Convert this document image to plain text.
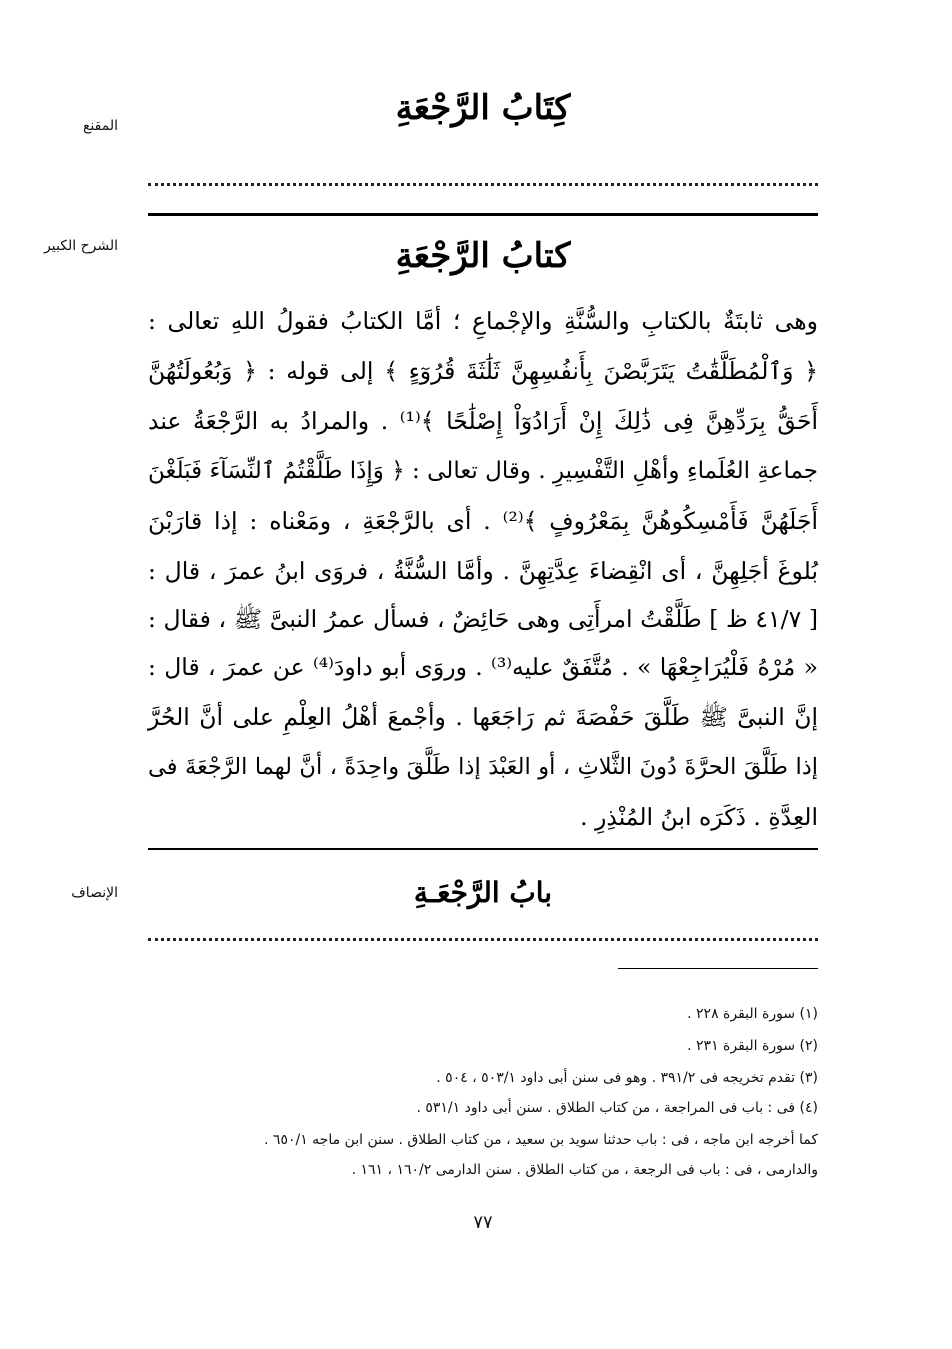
المقنع
الشرح الكبير
الإنصاف
كِتَابُ الرَّجْعَةِ
كتابُ الرَّجْعَةِ
وهى ثابتَةٌ بالكتابِ والسُّنَّةِ والإجْماعِ ؛ أمَّا الكتابُ فقولُ اللهِ تعالى :
﴿ وَٱلْمُطَلَّقَٰتُ يَتَرَبَّصْنَ بِأَنفُسِهِنَّ ثَلَٰثَةَ قُرُوٓءٍ ﴾ إلى قوله : ﴿ وَبُعُولَتُهُنَّ
أَحَقُّ بِرَدِّهِنَّ فِى ذَٰلِكَ إِنْ أَرَادُوٓاْ إِصْلَٰحًا ﴾⁽¹⁾ . والمرادُ به الرَّجْعَةُ عند
جماعةِ العُلَماءِ وأهْلِ التَّفْسِيرِ . وقال تعالى : ﴿ وَإِذَا طَلَّقْتُمُ ٱلنِّسَآءَ فَبَلَغْنَ
أَجَلَهُنَّ فَأَمْسِكُوهُنَّ بِمَعْرُوفٍ ﴾⁽²⁾ . أى بالرَّجْعَةِ ، ومَعْناه : إذا قارَبْنَ
بُلوغَ أجَلِهِنَّ ، أى انْقِضاءَ عِدَّتِهِنَّ . وأمَّا السُّنَّةُ ، فروَى ابنُ عمرَ ، قال :
[ ٤١/٧ ظ ] طَلَّقْتُ امرأَتِى وهى حَائِضٌ ، فسأل عمرُ النبىَّ ﷺ ، فقال :
« مُرْهُ فَلْيُرَاجِعْهَا » . مُتَّفَقٌ عليه⁽³⁾ . وروَى أبو داودَ⁽⁴⁾ عن عمرَ ، قال :
إنَّ النبىَّ ﷺ طَلَّقَ حَفْصَةَ ثم رَاجَعَها . وأجْمعَ أهْلُ العِلْمِ على أنَّ الحُرَّ
إذا طَلَّقَ الحرَّةَ دُونَ الثَّلاثِ ، أو العَبْدَ إذا طَلَّقَ واحِدَةً ، أنَّ لهما الرَّجْعَةَ فى
العِدَّةِ . ذَكَرَه ابنُ المُنْذِرِ .
بابُ الرَّجْعَـةِ
(١) سورة البقرة ٢٢٨ .
(٢) سورة البقرة ٢٣١ .
(٣) تقدم تخريجه فى ٣٩١/٢ . وهو فى سنن أبى داود ٥٠٣/١ ، ٥٠٤ .
(٤) فى : باب فى المراجعة ، من كتاب الطلاق . سنن أبى داود ٥٣١/١ .
كما أخرجه ابن ماجه ، فى : باب حدثنا سويد بن سعيد ، من كتاب الطلاق . سنن ابن ماجه ٦٥٠/١ .
والدارمى ، فى : باب فى الرجعة ، من كتاب الطلاق . سنن الدارمى ١٦٠/٢ ، ١٦١ .
٧٧
